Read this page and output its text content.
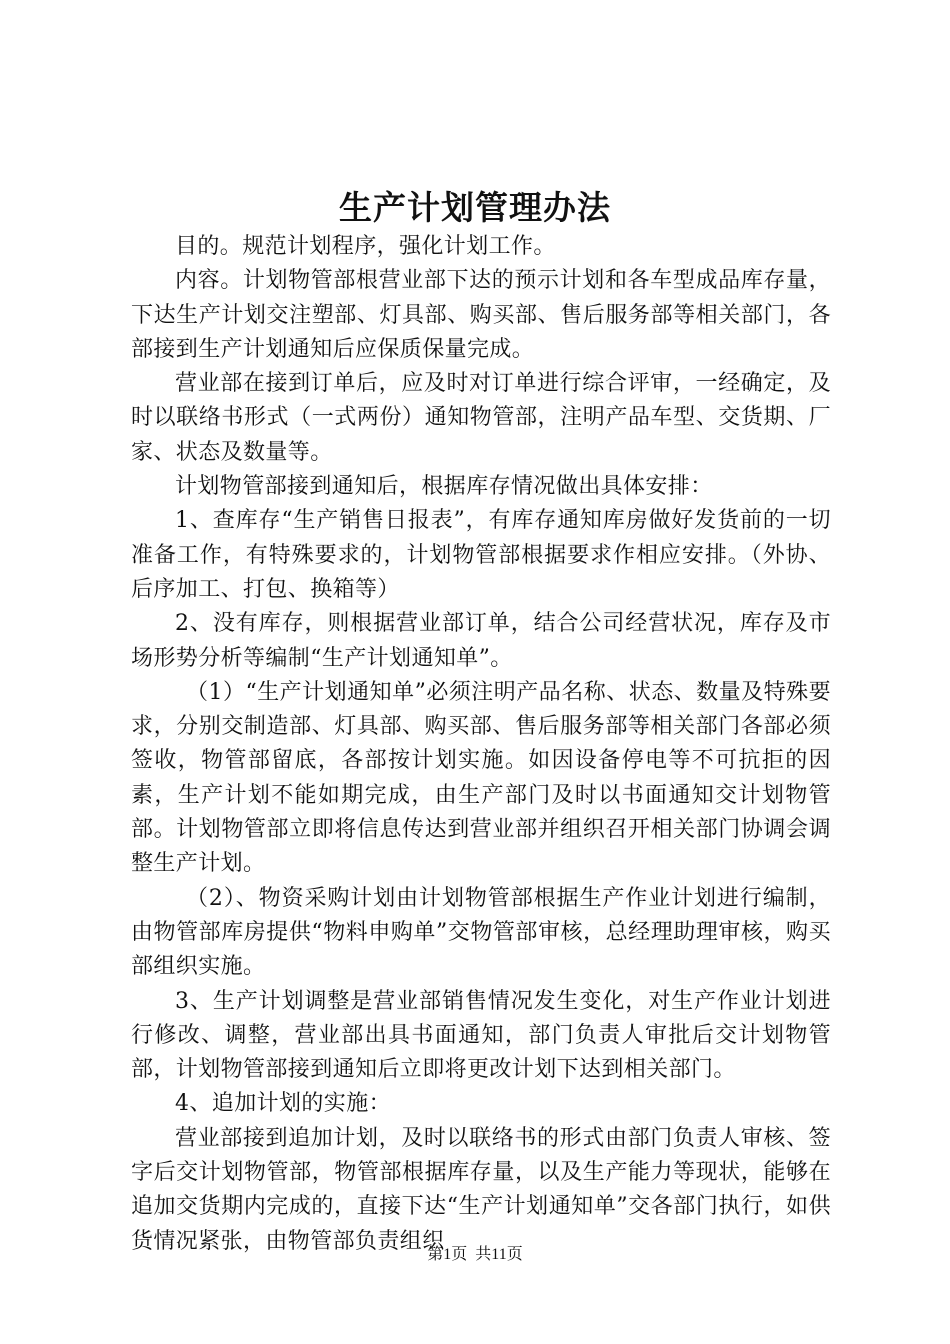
生产计划管理办法

目的。规范计划程序，强化计划工作。

内容。计划物管部根营业部下达的预示计划和各车型成品库存量，下达生产计划交注塑部、灯具部、购买部、售后服务部等相关部门，各部接到生产计划通知后应保质保量完成。

营业部在接到订单后，应及时对订单进行综合评审，一经确定，及时以联络书形式（一式两份）通知物管部，注明产品车型、交货期、厂家、状态及数量等。

计划物管部接到通知后，根据库存情况做出具体安排：

1、查库存“生产销售日报表”，有库存通知库房做好发货前的一切准备工作，有特殊要求的，计划物管部根据要求作相应安排。（外协、后序加工、打包、换箱等）

2、没有库存，则根据营业部订单，结合公司经营状况，库存及市场形势分析等编制“生产计划通知单”。

（1）“生产计划通知单”必须注明产品名称、状态、数量及特殊要求，分别交制造部、灯具部、购买部、售后服务部等相关部门各部必须签收，物管部留底，各部按计划实施。如因设备停电等不可抗拒的因素，生产计划不能如期完成，由生产部门及时以书面通知交计划物管部。计划物管部立即将信息传达到营业部并组织召开相关部门协调会调整生产计划。

（2）、物资采购计划由计划物管部根据生产作业计划进行编制，由物管部库房提供“物料申购单”交物管部审核，总经理助理审核，购买部组织实施。

3、生产计划调整是营业部销售情况发生变化，对生产作业计划进行修改、调整，营业部出具书面通知，部门负责人审批后交计划物管部，计划物管部接到通知后立即将更改计划下达到相关部门。

4、追加计划的实施：

营业部接到追加计划，及时以联络书的形式由部门负责人审核、签字后交计划物管部，物管部根据库存量，以及生产能力等现状，能够在追加交货期内完成的，直接下达“生产计划通知单”交各部门执行，如供货情况紧张，由物管部负责组织

第1页 共11页
